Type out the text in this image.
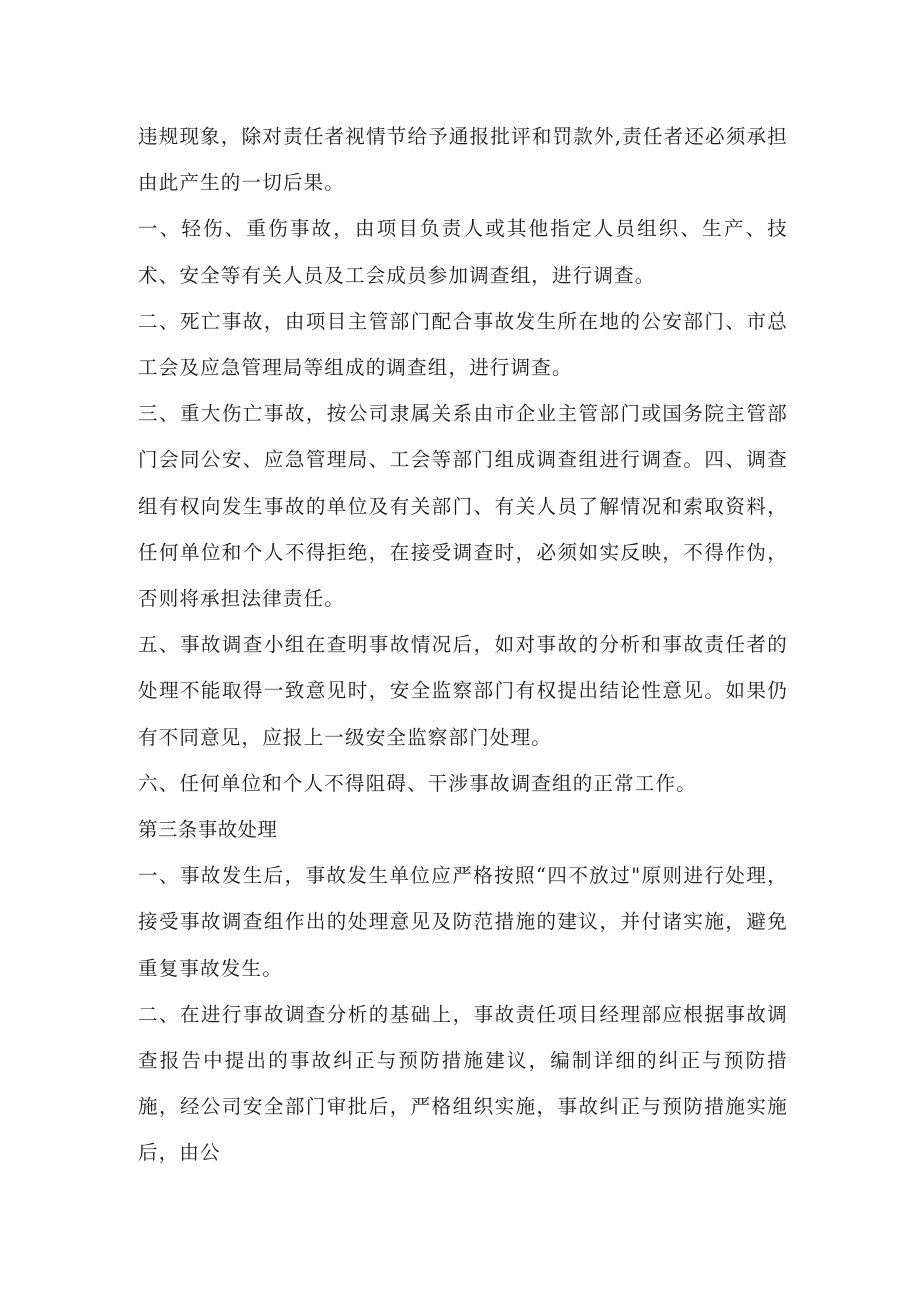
违规现象，除对责任者视情节给予通报批评和罚款外,责任者还必须承担由此产生的一切后果。

一、轻伤、重伤事故，由项目负责人或其他指定人员组织、生产、技术、安全等有关人员及工会成员参加调查组，进行调查。

二、死亡事故，由项目主管部门配合事故发生所在地的公安部门、市总工会及应急管理局等组成的调查组，进行调查。

三、重大伤亡事故，按公司隶属关系由市企业主管部门或国务院主管部门会同公安、应急管理局、工会等部门组成调查组进行调查。四、调查组有权向发生事故的单位及有关部门、有关人员了解情况和索取资料，任何单位和个人不得拒绝，在接受调查时，必须如实反映，不得作伪，否则将承担法律责任。

五、事故调查小组在查明事故情况后，如对事故的分析和事故责任者的处理不能取得一致意见时，安全监察部门有权提出结论性意见。如果仍有不同意见，应报上一级安全监察部门处理。

六、任何单位和个人不得阻碍、干涉事故调查组的正常工作。

第三条事故处理

一、事故发生后，事故发生单位应严格按照“四不放过"原则进行处理，接受事故调查组作出的处理意见及防范措施的建议，并付诸实施，避免重复事故发生。

二、在进行事故调查分析的基础上，事故责任项目经理部应根据事故调查报告中提出的事故纠正与预防措施建议，编制详细的纠正与预防措施，经公司安全部门审批后，严格组织实施，事故纠正与预防措施实施后，由公
